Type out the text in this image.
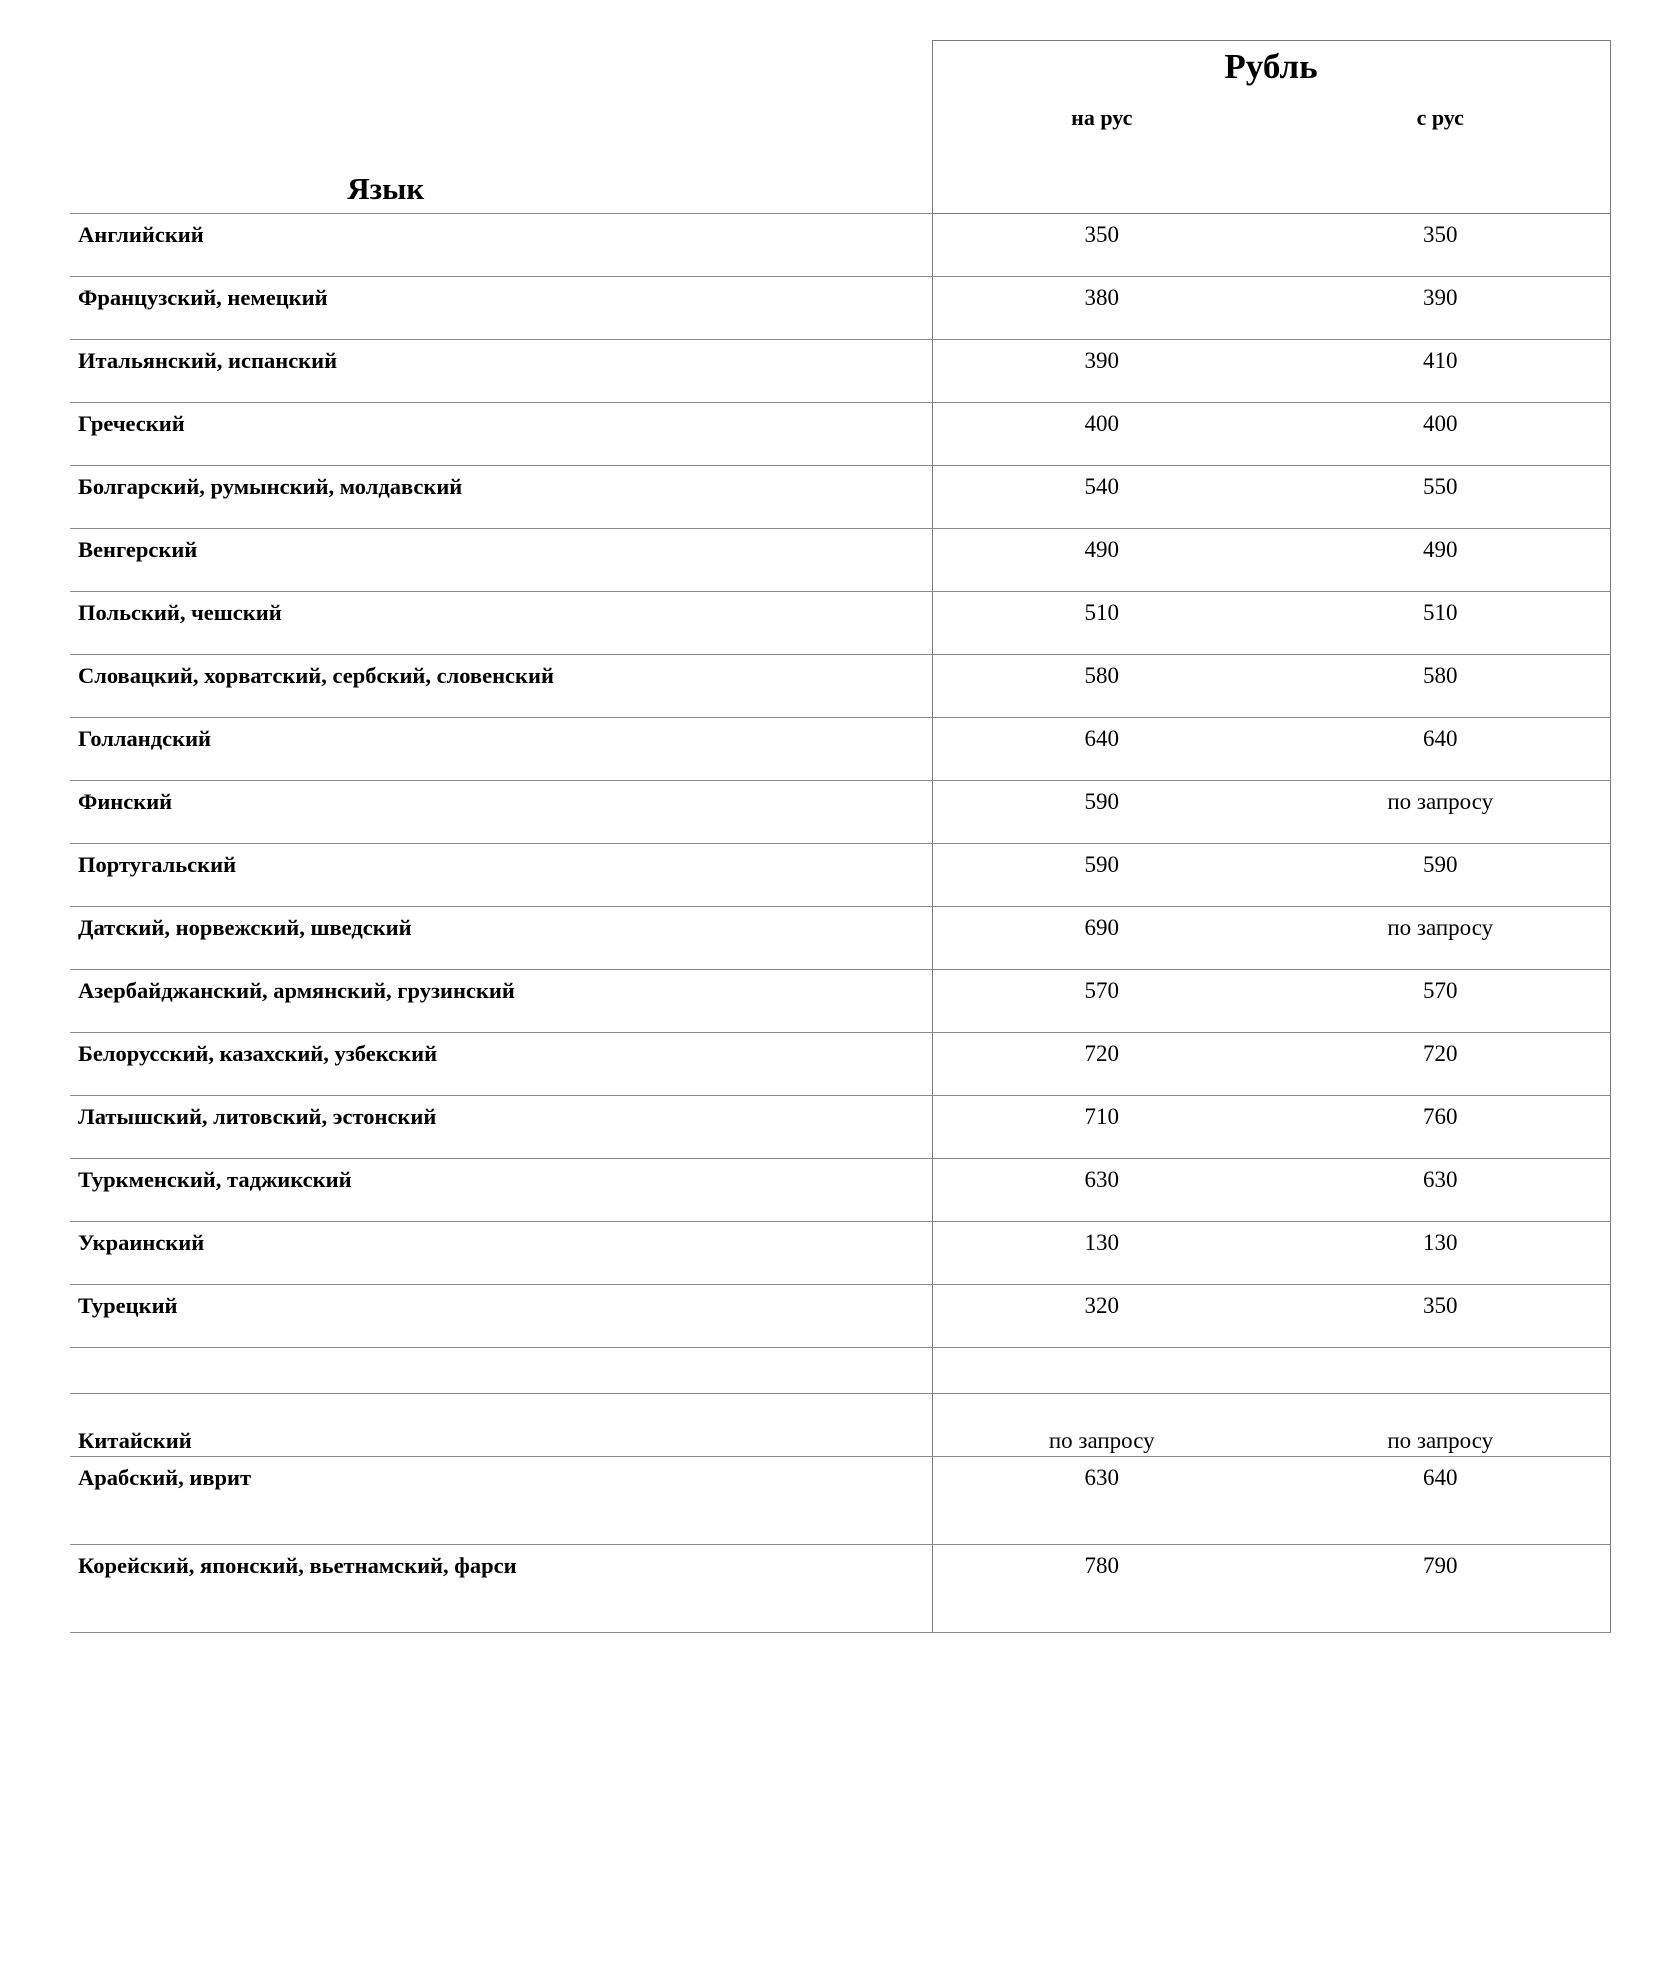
	Рубль	
Язык	на рус	с рус
Английский	350	350
Французский, немецкий	380	390
Итальянский, испанский	390	410
Греческий	400	400
Болгарский, румынский, молдавский	540	550
Венгерский	490	490
Польский, чешский	510	510
Словацкий, хорватский, сербский, словенский	580	580
Голландский	640	640
Финский	590	по запросу
Португальский	590	590
Датский, норвежский, шведский	690	по запросу
Азербайджанский, армянский, грузинский	570	570
Белорусский, казахский, узбекский	720	720
Латышский, литовский, эстонский	710	760
Туркменский, таджикский	630	630
Украинский	130	130
Турецкий	320	350

Китайский	по запросу	по запросу
Арабский, иврит	630	640
Корейский, японский, вьетнамский, фарси	780	790
